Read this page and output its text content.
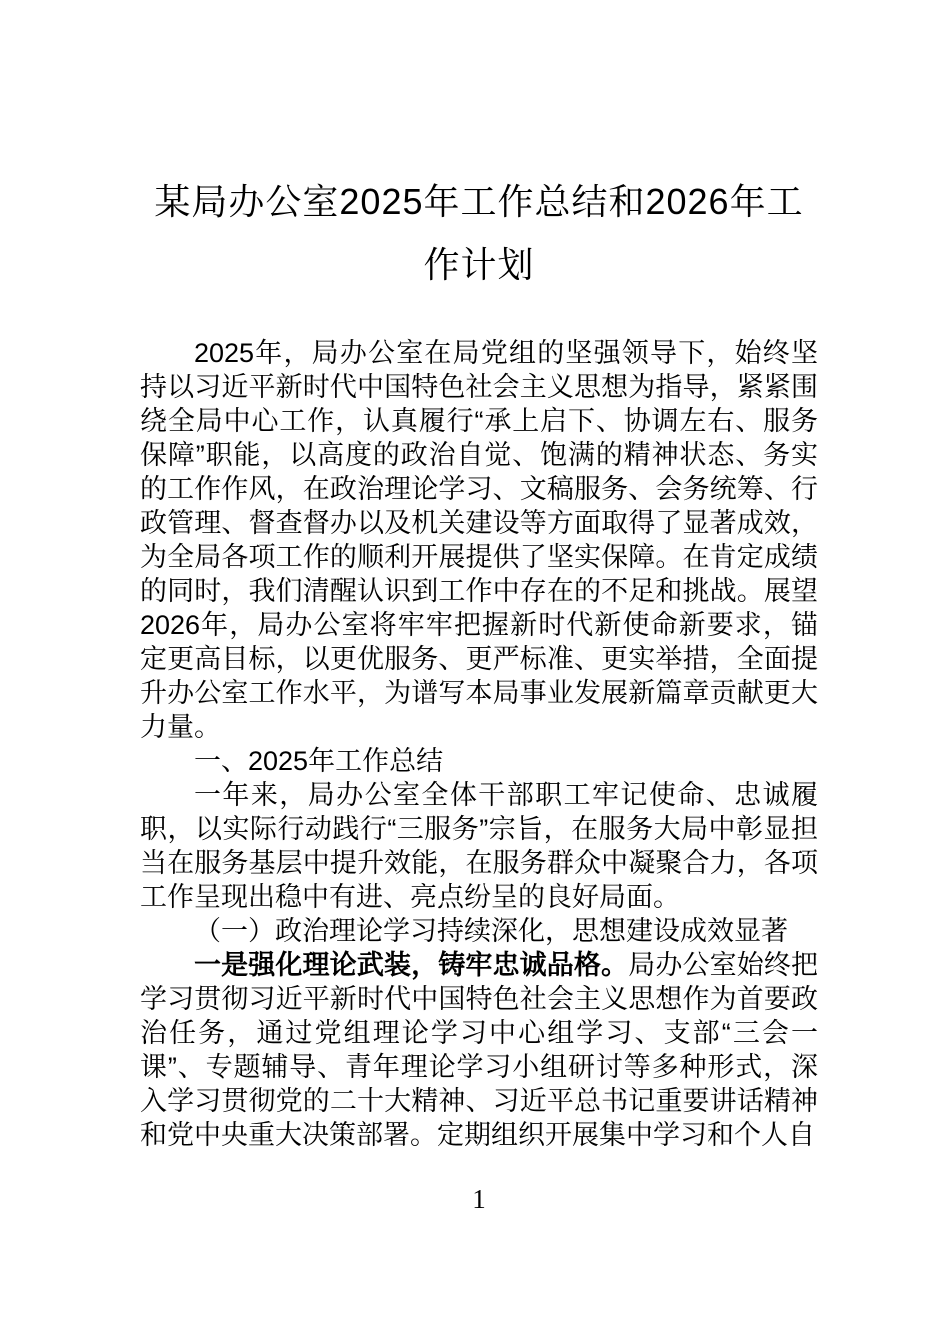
某局办公室2025年工作总结和2026年工作计划

2025年，局办公室在局党组的坚强领导下，始终坚持以习近平新时代中国特色社会主义思想为指导，紧紧围绕全局中心工作，认真履行“承上启下、协调左右、服务保障”职能，以高度的政治自觉、饱满的精神状态、务实的工作作风，在政治理论学习、文稿服务、会务统筹、行政管理、督查督办以及机关建设等方面取得了显著成效，为全局各项工作的顺利开展提供了坚实保障。在肯定成绩的同时，我们清醒认识到工作中存在的不足和挑战。展望2026年，局办公室将牢牢把握新时代新使命新要求，锚定更高目标，以更优服务、更严标准、更实举措，全面提升办公室工作水平，为谱写本局事业发展新篇章贡献更大力量。

一、2025年工作总结

一年来，局办公室全体干部职工牢记使命、忠诚履职，以实际行动践行“三服务”宗旨，在服务大局中彰显担当在服务基层中提升效能，在服务群众中凝聚合力，各项工作呈现出稳中有进、亮点纷呈的良好局面。

（一）政治理论学习持续深化，思想建设成效显著

一是强化理论武装，铸牢忠诚品格。局办公室始终把学习贯彻习近平新时代中国特色社会主义思想作为首要政治任务，通过党组理论学习中心组学习、支部“三会一课”、专题辅导、青年理论学习小组研讨等多种形式，深入学习贯彻党的二十大精神、习近平总书记重要讲话精神和党中央重大决策部署。定期组织开展集中学习和个人自

1
